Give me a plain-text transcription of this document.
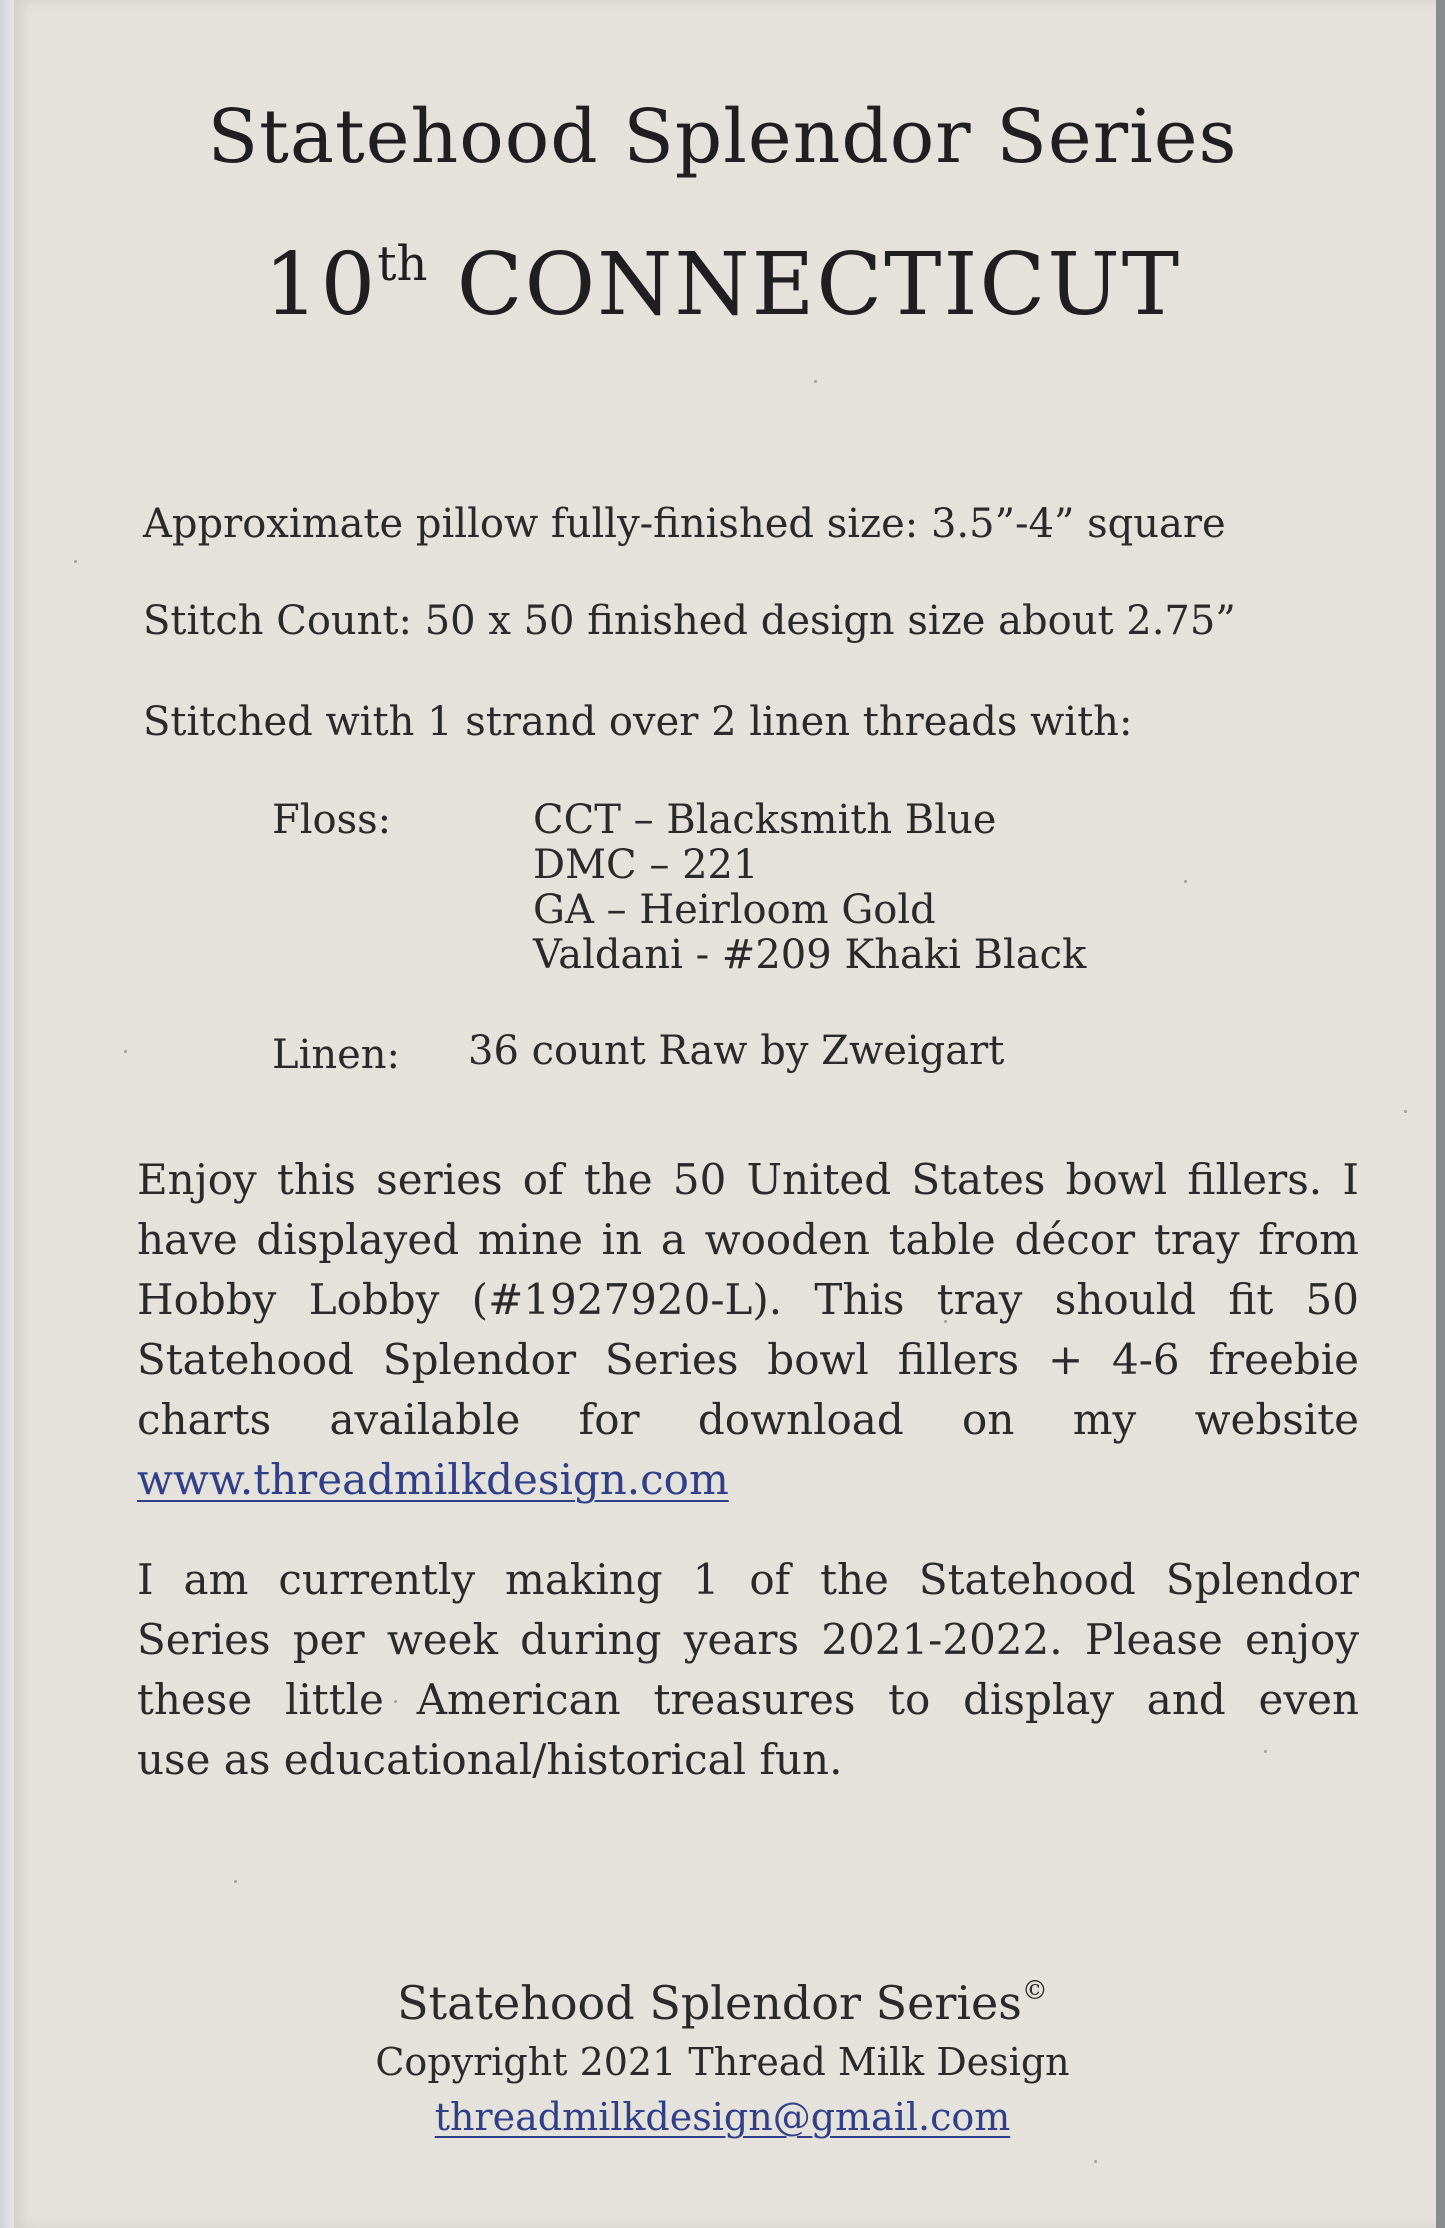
Statehood Splendor Series
10th CONNECTICUT
Approximate pillow fully-finished size: 3.5”-4” square
Stitch Count: 50 x 50 finished design size about 2.75”
Stitched with 1 strand over 2 linen threads with:
Floss:	CCT – Blacksmith Blue
DMC – 221
GA – Heirloom Gold
Valdani - #209 Khaki Black
Linen: 36 count Raw by Zweigart
Enjoy this series of the 50 United States bowl fillers. I
have displayed mine in a wooden table décor tray from
Hobby Lobby (#1927920-L). This tray should fit 50
Statehood Splendor Series bowl fillers + 4-6 freebie
charts available for download on my website
www.threadmilkdesign.com
I am currently making 1 of the Statehood Splendor
Series per week during years 2021-2022. Please enjoy
these little American treasures to display and even
use as educational/historical fun.
Statehood Splendor Series©
Copyright 2021 Thread Milk Design
threadmilkdesign@gmail.com
